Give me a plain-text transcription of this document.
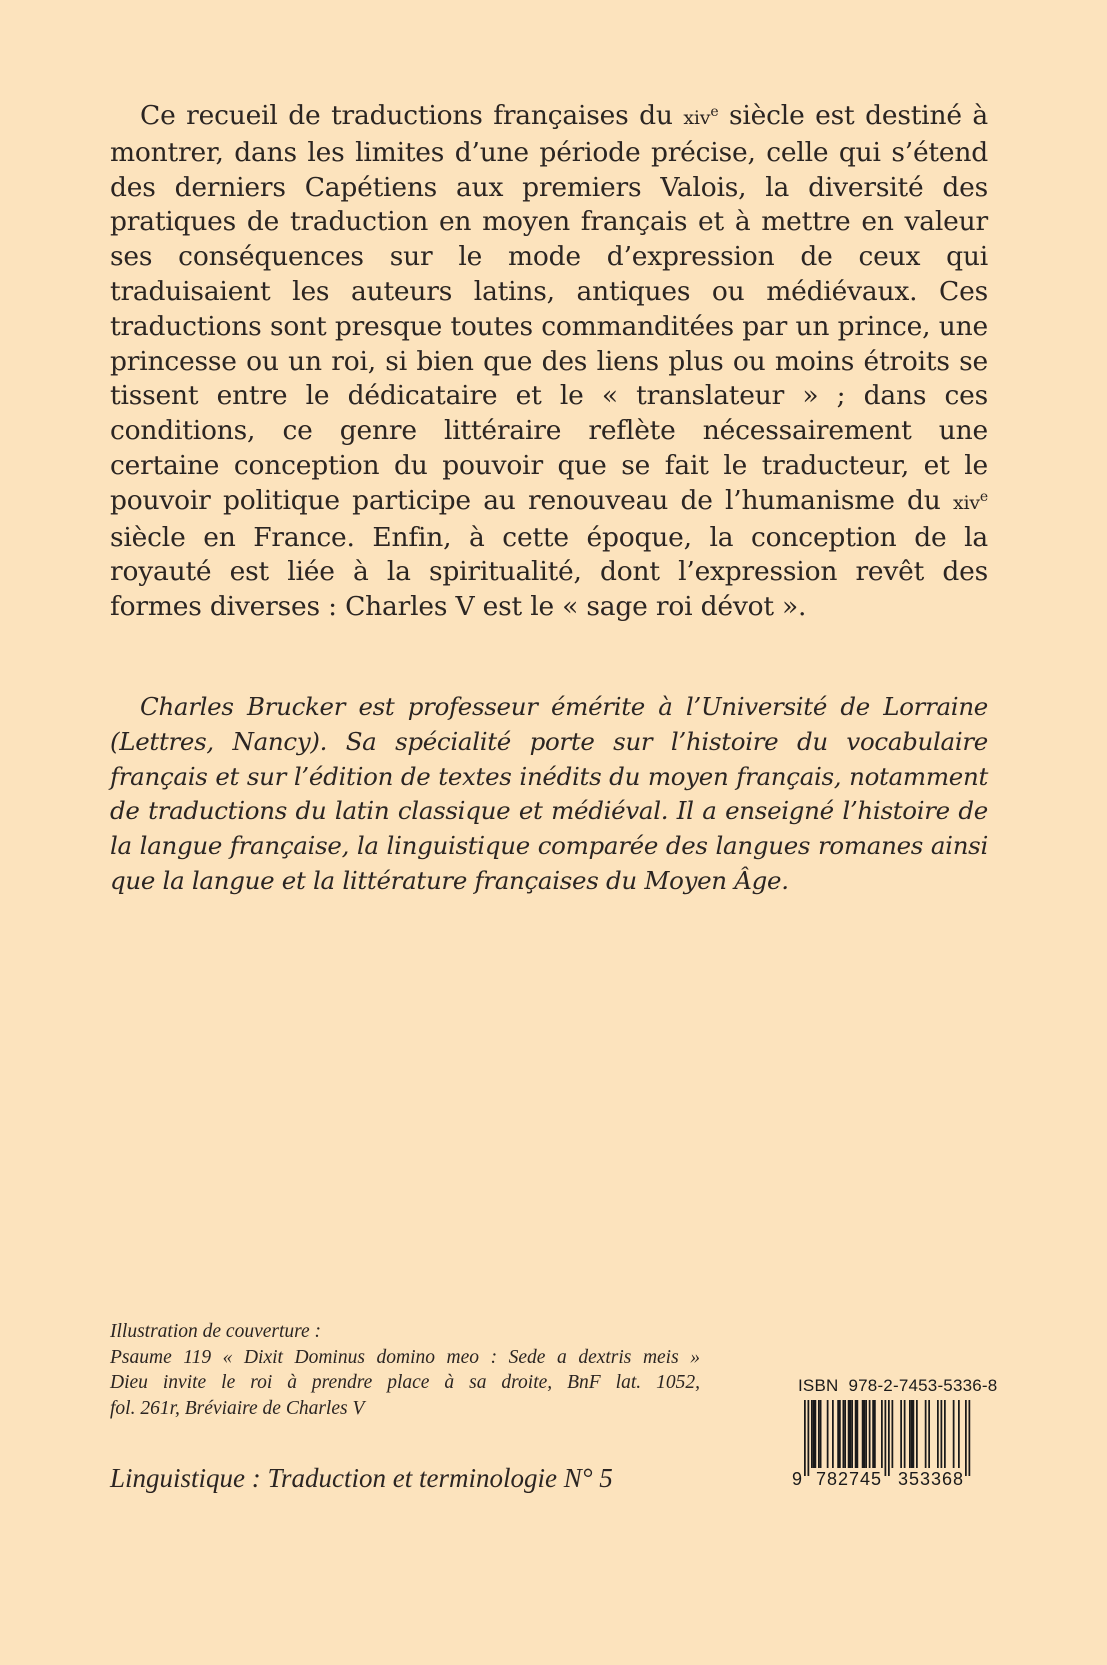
Ce recueil de traductions françaises du xiv$^e$ siècle est destiné à montrer, dans les limites d’une période précise, celle qui s’étend des derniers Capétiens aux premiers Valois, la diversité des pratiques de traduction en moyen français et à mettre en valeur ses conséquences sur le mode d’expression de ceux qui traduisaient les auteurs latins, antiques ou médiévaux. Ces traductions sont presque toutes commanditées par un prince, une princesse ou un roi, si bien que des liens plus ou moins étroits se tissent entre le dédicataire et le « translateur » ; dans ces conditions, ce genre littéraire reflète nécessairement une certaine conception du pouvoir que se fait le traducteur, et le pouvoir politique participe au renouveau de l’humanisme du xiv$^e$ siècle en France. Enfin, à cette époque, la conception de la royauté est liée à la spiritualité, dont l’expression revêt des formes diverses : Charles V est le « sage roi dévot ».

Charles Brucker est professeur émérite à l’Université de Lorraine (Lettres, Nancy). Sa spécialité porte sur l’histoire du vocabulaire français et sur l’édition de textes inédits du moyen français, notamment de traductions du latin classique et médiéval. Il a enseigné l’histoire de la langue française, la linguistique comparée des langues romanes ainsi que la langue et la littérature françaises du Moyen Âge.

Illustration de couverture :
Psaume 119 « Dixit Dominus domino meo : Sede a dextris meis »
Dieu invite le roi à prendre place à sa droite, BnF lat. 1052,
fol. 261r, Bréviaire de Charles V
Linguistique : Traduction et terminologie N° 5
ISBN 978-2-7453-5336-8
9 782745 353368
